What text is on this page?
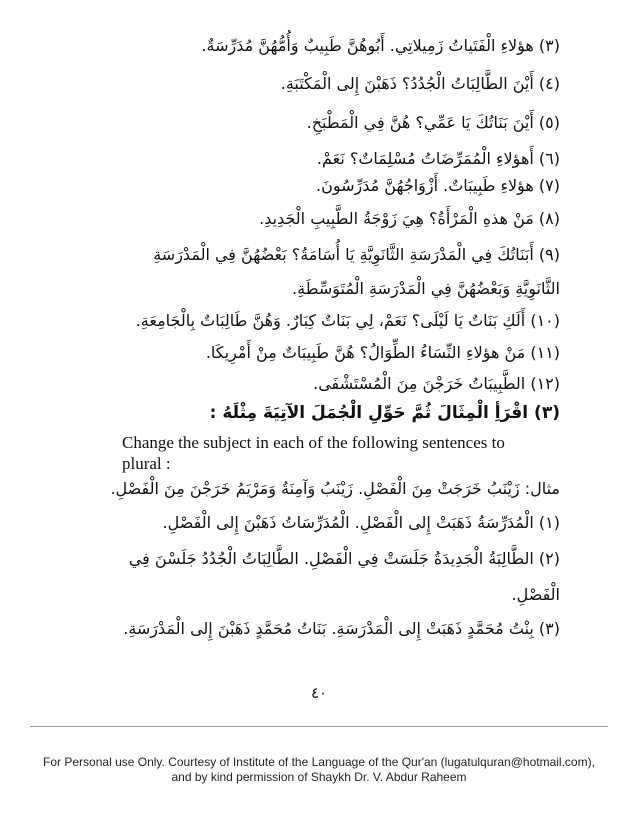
(٣) هؤلاءِ الْفَتَياتُ زَمِيلاتِي. أَبُوهُنَّ طَبِيبٌ وَأُمُّهُنَّ مُدَرِّسَةٌ.
(٤) أَيْنَ الطَّالِبَاتُ الْجُدُدُ؟ ذَهَبْنَ إِلى الْمَكْتَبَةِ.
(٥) أَيْنَ بَنَاتُكَ يَا عَمِّي؟ هُنَّ فِي الْمَطْبَخِ.
(٦) أَهؤلاءِ الْمُمَرِّضَاتُ مُسْلِمَاتٌ؟ نَعَمْ.
(٧) هؤلاءِ طَبِيبَاتٌ. أَزْوَاجُهُنَّ مُدَرِّسُونَ.
(٨) مَنْ هذهِ الْمَرْأَةُ؟ هِيَ زَوْجَةُ الطَّبِيبِ الْجَدِيدِ.
(٩) أَبَنَاتُكَ فِي الْمَدْرَسَةِ الثَّانَوِيَّةِ يَا أُسَامَةُ؟ بَعْضُهُنَّ فِي الْمَدْرَسَةِ
الثَّانَوِيَّةِ وَبَعْضُهُنَّ فِي الْمَدْرَسَةِ الْمُتَوَسِّطَةِ.
(١٠) أَلَكِ بَنَاتٌ يَا لَيْلَى؟ نَعَمْ، لِي بَنَاتٌ كِبَارٌ. وَهُنَّ طَالِبَاتٌ بِالْجَامِعَةِ.
(١١) مَنْ هؤلاءِ النِّسَاءُ الطِّوَالُ؟ هُنَّ طَبِيبَاتٌ مِنْ أَمْرِيكَا.
(١٢) الطَّبِيبَاتُ خَرَجْنَ مِنَ الْمُسْتَشْفَى.
(٣) اقْرَأِ الْمِثَالَ ثُمَّ حَوِّلِ الْجُمَلَ الآتِيَةَ مِثْلَهُ :
Change the subject in each of the following sentences to plural :
مثال: زَيْنَبُ خَرَجَتْ مِنَ الْفَصْلِ. زَيْنَبُ وَآمِنَةُ وَمَرْيَمُ خَرَجْنَ مِنَ الْفَصْلِ.
(١) الْمُدَرِّسَةُ ذَهَبَتْ إِلى الْفَصْلِ. الْمُدَرِّسَاتُ ذَهَبْنَ إِلى الْفَصْلِ.
(٢) الطَّالِبَةُ الْجَدِيدَةُ جَلَسَتْ فِي الْفَصْلِ. الطَّالِبَاتُ الْجُدُدُ جَلَسْنَ فِي
الْفَصْلِ.
(٣) بِنْتُ مُحَمَّدٍ ذَهَبَتْ إِلى الْمَدْرَسَةِ. بَنَاتُ مُحَمَّدٍ ذَهَبْنَ إِلى الْمَدْرَسَةِ.
٤٠
For Personal use Only. Courtesy of Institute of the Language of the Qur'an (lugatulquran@hotmail.com),
and by kind permission of Shaykh Dr. V. Abdur Raheem
